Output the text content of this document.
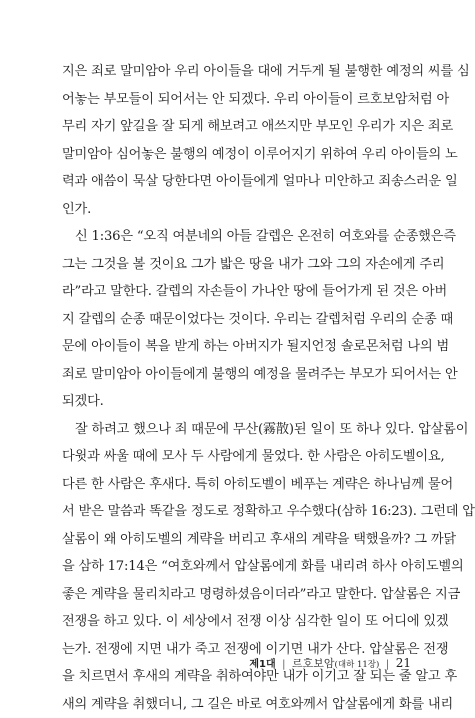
지은 죄로 말미암아 우리 아이들을 대에 거두게 될 불행한 예정의 씨를 심
어놓는 부모들이 되어서는 안 되겠다. 우리 아이들이 르호보암처럼 아
무리 자기 앞길을 잘 되게 해보려고 애쓰지만 부모인 우리가 지은 죄로
말미암아 심어놓은 불행의 예정이 이루어지기 위하여 우리 아이들의 노
력과 애씀이 묵살 당한다면 아이들에게 얼마나 미안하고 죄송스러운 일
인가.
신 1:36은 “오직 여분네의 아들 갈렙은 온전히 여호와를 순종했은즉
그는 그것을 볼 것이요 그가 밟은 땅을 내가 그와 그의 자손에게 주리
라”라고 말한다. 갈렙의 자손들이 가나안 땅에 들어가게 된 것은 아버
지 갈렙의 순종 때문이었다는 것이다. 우리는 갈렙처럼 우리의 순종 때
문에 아이들이 복을 받게 하는 아버지가 될지언정 솔로몬처럼 나의 범
죄로 말미암아 아이들에게 불행의 예정을 물려주는 부모가 되어서는 안
되겠다.
잘 하려고 했으나 죄 때문에 무산(霧散)된 일이 또 하나 있다. 압살롬이
다윗과 싸울 때에 모사 두 사람에게 물었다. 한 사람은 아히도벨이요,
다른 한 사람은 후새다. 특히 아히도벨이 베푸는 계략은 하나님께 물어
서 받은 말씀과 똑같을 정도로 정확하고 우수했다(삼하 16:23). 그런데 압
살롬이 왜 아히도벨의 계략을 버리고 후새의 계략을 택했을까? 그 까닭
을 삼하 17:14은 “여호와께서 압살롬에게 화를 내리려 하사 아히도벨의
좋은 계략을 물리치라고 명령하셨음이더라”라고 말한다. 압살롬은 지금
전쟁을 하고 있다. 이 세상에서 전쟁 이상 심각한 일이 또 어디에 있겠
는가. 전쟁에 지면 내가 죽고 전쟁에 이기면 내가 산다. 압살롬은 전쟁
을 치르면서 후새의 계략을 취하여야만 내가 이기고 잘 되는 줄 알고 후
새의 계략을 취했더니, 그 길은 바로 여호와께서 압살롬에게 화를 내리
제1대 | 르호보암(대하 11장) | 21
